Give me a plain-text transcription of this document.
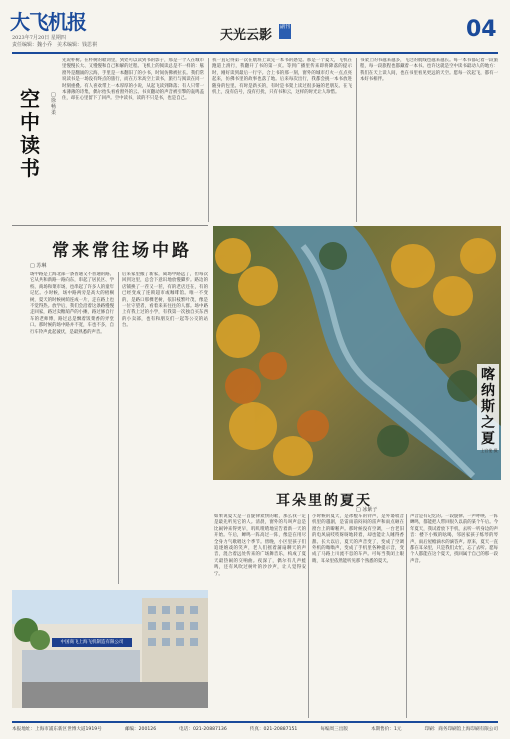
大飞机报
2023年7月20日 星期四
责任编辑：魏小乔　美术编辑：钱思祺
天光云影
副刊	04
空中读书
□ 徐畅柔
先说朴树。在朴树的歌词里，到处可以读到书的影子，那是一个人在城市里慢慢长大、又慢慢和自己和解的过程。飞机上的阅读总是不一样的：舷窗外是翻涌的云海，手里是一本翻旧了的小书，时间仿佛被拉长。我们常说读书是一场没有终点的旅行，而在万米高空上读书，旅行与阅读在同一时刻重叠。有人喜欢带上一本厚厚的小说，从起飞读到降落；有人只带一本薄薄的诗集，偶尔抬头看看窗外的云。书页翻动的声音被引擎的轰鸣盖住，却在心里留下了回声。空中读书，读的不只是书，也是自己。
我一直记得第一次在航班上读完一本书的感觉。那是一个夏天，飞机在跑道上滑行，我翻开了书的第一页。等到广播里传来即将降落的提示时，刚好读到最后一行字。合上书的那一刻，窗外的城市灯火一点点亮起来，仿佛书里的故事也落了地。后来每次出行，我都会挑一本书放进随身的包里。有时是新买的，有时是书架上读过很多遍的老朋友。在飞机上，没有信号，没有打扰，只有书和云，这样的时光让人珍惜。
书架上的书越来越多，飞过的航线也越来越长。每一本书都记着一段旅程，每一段旅程也都藏着一本书。也许这就是空中读书最动人的地方：我们在天上读人间，也在书里看见更远的天空。愿每一次起飞，都有一本好书相伴。
常来常往场中路
□ 苏琳
场中路是上海北部一条普通又不普通的路。它从共和新路一路向东，串起了居民区、学校、商场和菜市场，也串起了许多人的童年记忆。小时候，场中路两旁是高大的梧桐树，夏天的时候树荫连成一片，走在路上也不觉得热。放学后，我们会沿着这条路慢慢走回家，路过卖糖葫芦的小摊，路过修自行车的老师傅，路过总是飘着饭菜香的弄堂口。那时候的场中路并不宽，车也不多，自行车铃声此起彼伏，是最熟悉的声音。
后来家里搬了新家，离场中路远了，但每次回到这里，总会下意识地放慢脚步。路边的店铺换了一茬又一茬，有的老店还在，有的已经变成了连锁超市或咖啡馆。唯一不变的，是路口那棵老树，依旧枝繁叶茂，像是一位守望者，看着来来往往的人群。场中路上有我上过的小学，有我第一次独自买东西的小卖部，也有和朋友们一起等公交的站台。
喀纳斯之夏
上官斐 摄
耳朵里的夏天
□ 冰紫子
如果说夏天是一首旋律欢快的歌，那么我一定是最先听见它的人。清晨，窗外的鸟叫声总是比闹钟来得更早，叽叽喳喳地宣告着新一天的开始。午后，蝉鸣一阵高过一阵，像是在用尽全身力气歌唱这个季节。傍晚，小区里孩子们追逐嬉戏的笑声，老人们摇着蒲扇聊天的声音，混合着远处传来的广场舞音乐，构成了夏天最热闹的交响曲。夜深了，偶尔有几声蛙鸣，还有风吹过树叶的沙沙声，让人觉得安宁。
小时候的夏天，是冰棍车的铃声，是外婆收音机里的越剧，是雷雨前闷闷的雷声和雨点砸在窗台上的噼啪声。那时候没有空调，一台老旧的电风扇吱吱呀呀地转着，却也能让人睡得香甜。长大以后，夏天的声音变了，变成了空调外机的嗡嗡声，变成了手机里各种提示音，变成了马路上川流不息的车声。可每当我闭上眼睛，耳朵里依然能听见那个熟悉的夏天。
声音是有记忆的。一段旋律、一声呼唤、一阵蝉鸣，都能把人带回很久以前的某个午后。今年夏天，我试着放下手机，去听一听身边的声音：楼下小贩的吆喝，邻居家孩子练琴的琴声，雨后屋檐滴水的滴答声。原来，夏天一直都在耳朵里，只是我们太忙，忘了去听。愿每个人都能在这个夏天，找回属于自己的那一段声音。
中国商飞上海飞机制造有限公司
本报地址：上海市浦东新区世博大道1919号	邮编：200126	电话：021-20887136	传真：021-20887151	每编周三出版	本期售价：1元	印刷：商务印刷馆上海印刷有限公司
